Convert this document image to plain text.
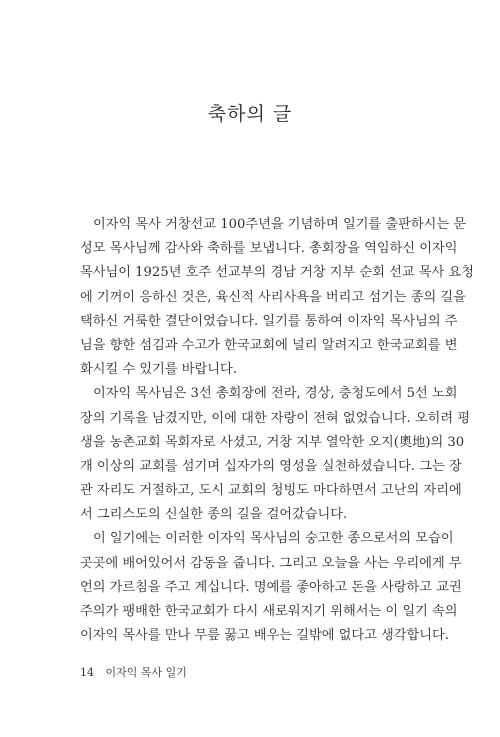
축하의 글
이자익 목사 거창선교 100주년을 기념하며 일기를 출판하시는 문
성모 목사님께 감사와 축하를 보냅니다. 총회장을 역임하신 이자익
목사님이 1925년 호주 선교부의 경남 거창 지부 순회 선교 목사 요청
에 기꺼이 응하신 것은, 육신적 사리사욕을 버리고 섬기는 종의 길을
택하신 거룩한 결단이었습니다. 일기를 통하여 이자익 목사님의 주
님을 향한 섬김과 수고가 한국교회에 널리 알려지고 한국교회를 변
화시킬 수 있기를 바랍니다.
이자익 목사님은 3선 총회장에 전라, 경상, 충청도에서 5선 노회
장의 기록을 남겼지만, 이에 대한 자랑이 전혀 없었습니다. 오히려 평
생을 농촌교회 목회자로 사셨고, 거창 지부 열악한 오지(奧地)의 30
개 이상의 교회를 섬기며 십자가의 영성을 실천하셨습니다. 그는 장
관 자리도 거절하고, 도시 교회의 청빙도 마다하면서 고난의 자리에
서 그리스도의 신실한 종의 길을 걸어갔습니다.
이 일기에는 이러한 이자익 목사님의 숭고한 종으로서의 모습이
곳곳에 배어있어서 감동을 줍니다. 그리고 오늘을 사는 우리에게 무
언의 가르침을 주고 계십니다. 명예를 좋아하고 돈을 사랑하고 교권
주의가 팽배한 한국교회가 다시 새로워지기 위해서는 이 일기 속의
이자익 목사를 만나 무릎 꿇고 배우는 길밖에 없다고 생각합니다.
14 이자익 목사 일기
